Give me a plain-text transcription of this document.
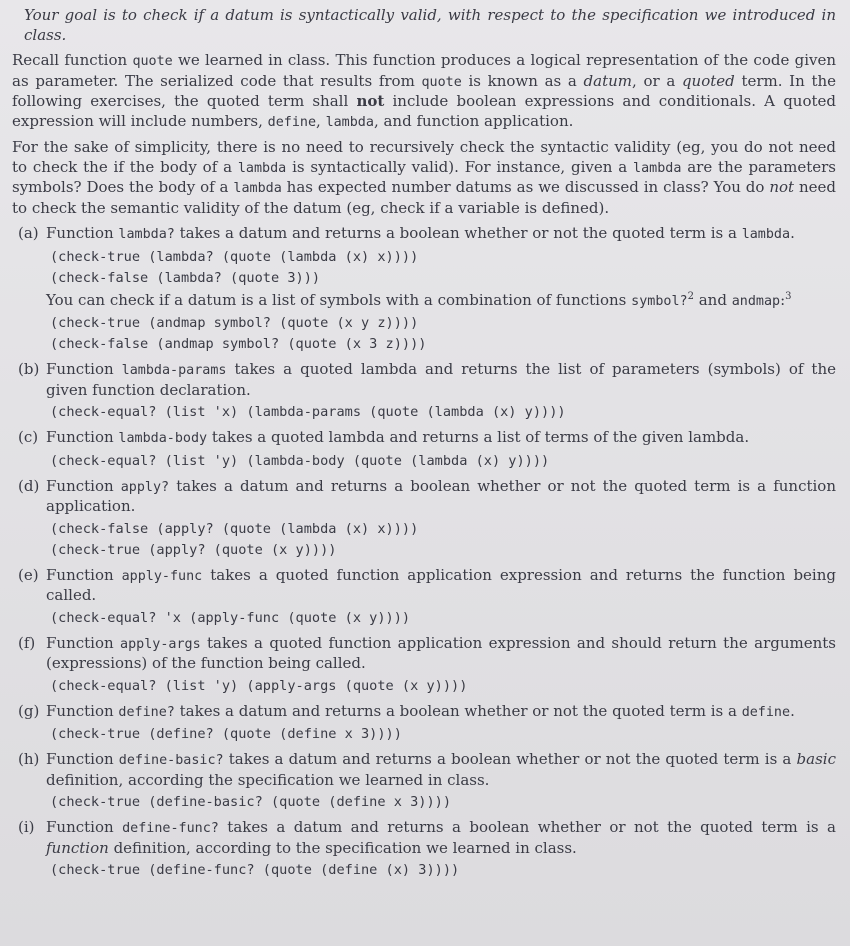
Your goal is to check if a datum is syntactically valid, with respect to the specification we introduced in class.

Recall function quote we learned in class. This function produces a logical representation of the code given as parameter. The serialized code that results from quote is known as a datum, or a quoted term. In the following exercises, the quoted term shall not include boolean expressions and conditionals. A quoted expression will include numbers, define, lambda, and function application.

For the sake of simplicity, there is no need to recursively check the syntactic validity (eg, you do not need to check the if the body of a lambda is syntactically valid). For instance, given a lambda are the parameters symbols? Does the body of a lambda has expected number datums as we discussed in class? You do not need to check the semantic validity of the datum (eg, check if a variable is defined).

(a) Function lambda? takes a datum and returns a boolean whether or not the quoted term is a lambda.

(check-true (lambda? (quote (lambda (x) x))))
(check-false (lambda? (quote 3)))

You can check if a datum is a list of symbols with a combination of functions symbol?$^2$ and andmap:$^3$

(check-true (andmap symbol? (quote (x y z))))
(check-false (andmap symbol? (quote (x 3 z))))
(b) Function lambda-params takes a quoted lambda and returns the list of parameters (symbols) of the given function declaration.

(check-equal? (list 'x) (lambda-params (quote (lambda (x) y))))
(c) Function lambda-body takes a quoted lambda and returns a list of terms of the given lambda.

(check-equal? (list 'y) (lambda-body (quote (lambda (x) y))))
(d) Function apply? takes a datum and returns a boolean whether or not the quoted term is a function application.

(check-false (apply? (quote (lambda (x) x))))
(check-true (apply? (quote (x y))))
(e) Function apply-func takes a quoted function application expression and returns the function being called.

(check-equal? 'x (apply-func (quote (x y))))
(f) Function apply-args takes a quoted function application expression and should return the arguments (expressions) of the function being called.

(check-equal? (list 'y) (apply-args (quote (x y))))
(g) Function define? takes a datum and returns a boolean whether or not the quoted term is a define.

(check-true (define? (quote (define x 3))))
(h) Function define-basic? takes a datum and returns a boolean whether or not the quoted term is a basic definition, according the specification we learned in class.

(check-true (define-basic? (quote (define x 3))))
(i) Function define-func? takes a datum and returns a boolean whether or not the quoted term is a function definition, according to the specification we learned in class.

(check-true (define-func? (quote (define (x) 3))))
